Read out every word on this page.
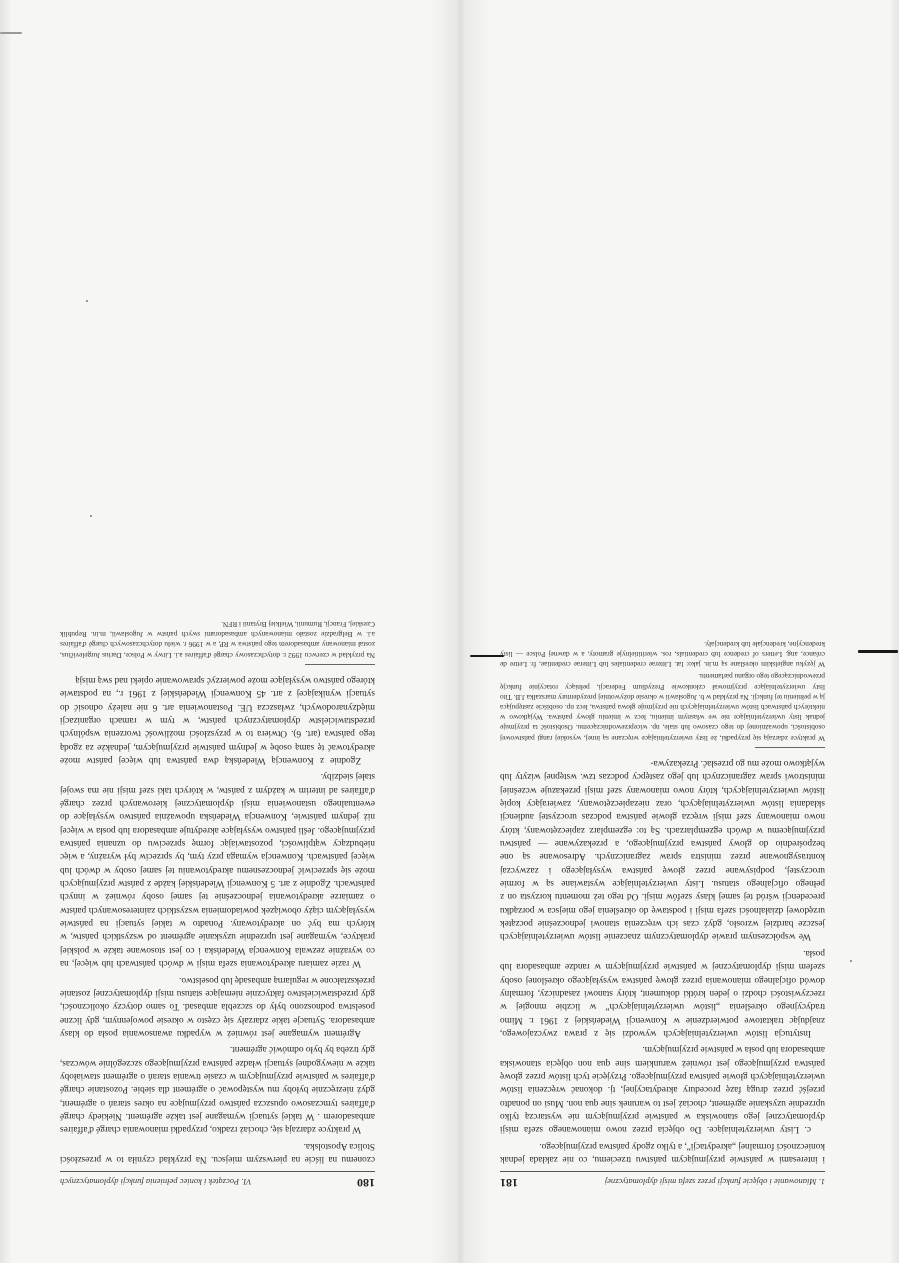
180
VI. Początek i koniec pełnienia funkcji dyplomatycznych

czonemu na liście na pierwszym miejscu. Na przykład czyniła to w przeszłości Stolica Apostolska.

W praktyce zdarzają się, chociaż rzadko, przypadki mianowania chargé d'affaires ambasadorem . W takiej sytuacji wymagane jest także agrément. Niekiedy chargé d'affaires tymczasowo opuszcza państwo przyjmujące na okres starań o agrément, gdyż niezręcznie byłoby mu występować o agrément dla siebie. Pozostanie chargé d'affaires w państwie przyjmującym w czasie trwania starań o agrément stawiałoby także w niewygodnej sytuacji władze państwa przyjmującego szczególnie wówczas, gdy trzeba by było odmówić agrément.

Agrément wymagane jest również w wypadku awansowania posła do klasy ambasadora. Sytuacje takie zdarzały się często w okresie powojennym, gdy liczne poselstwa podnoszono były do szczebla ambasad. To samo dotyczy okoliczności, gdy przedstawicielstwo faktycznie niemające statusu misji dyplomatycznej zostanie przekształcone w regularną ambasadę lub poselstwo.

W razie zamiaru akredytowania szefa misji w dwóch państwach lub więcej, na co wyraźnie zezwala Konwencja Wiedeńska i co jest stosowane także w polskiej praktyce, wymagane jest uprzednie uzyskanie agrément od wszystkich państw, w których ma być on akredytowany. Ponadto w takiej sytuacji na państwie wysyłającym ciąży obowiązek powiadomienia wszystkich zainteresowanych państw o zamiarze akredytowania jednocześnie tej samej osoby również w innych państwach. Zgodnie z art. 5 Konwencji Wiedeńskiej każde z państw przyjmujących może się sprzeciwić jednoczesnemu akredytowaniu tej samej osoby w dwóch lub więcej państwach. Konwencja wymaga przy tym, by sprzeciw był wyraźny, a więc niebudzący wątpliwości, pozostawiając formę sprzeciwu do uznania państwa przyjmującego. Jeśli państwo wysyłające akredytuje ambasadora lub posła w więcej niż jednym państwie, Konwencja Wiedeńska upoważnia państwo wysyłające do ewentualnego ustanowienia misji dyplomatycznej kierowanych przez chargé d'affaires ad interim w każdym z państw, w których taki szef misji nie ma swojej stałej siedziby.

Zgodnie z Konwencją Wiedeńską dwa państwa lub więcej państw może akredytować tę samą osobę w jednym państwie przyjmującym, jednakże za zgodą tego państwa (art. 6). Otwiera to w przyszłości możliwość tworzenia wspólnych przedstawicielstw dyplomatycznych państw, w tym w ramach organizacji międzynarodowych, zwłaszcza UE. Postanowienia art. 6 nie należy odnosić do sytuacji wynikającej z art. 45 Konwencji Wiedeńskiej z 1961 r., na podstawie którego państwo wysyłające może powierzyć sprawowanie opieki nad swą misją

Na przykład w czerwcu 1992 r. dotychczasowy chargé d'affaires a.i. Litwy w Polsce, Darius Jurgelevičius, został mianowany ambasadorem tego państwa w RP, a w 1996 r. wielu dotychczasowych chargé d'affaires a.i. w Belgradzie zostało mianowanych ambasadorami swych państw w Jugosławii, m.in. Republik Czeskiej, Francji, Rumunii, Wielkiej Brytanii i RFN.

1. Mianowanie i objęcie funkcji przez szefa misji dyplomatycznej
181

i interesami w państwie przyjmującym państwu trzeciemu, co nie zakłada jednak konieczności formalnej „akredytacji”, a tylko zgody państwa przyjmującego.

c. Listy uwierzytelniające. Do objęcia przez nowo mianowanego szefa misji dyplomatycznej jego stanowiska w państwie przyjmującym nie wystarczą tylko uprzednie uzyskanie agrément, chociaż jest to warunek sine qua non. Musi on ponadto przejść przez drugą fazę procedury akredytacyjnej, tj. dokonać wręczenia listów uwierzytelniających głowie państwa przyjmującego. Przyjęcie tych listów przez głowę państwa przyjmującego jest również warunkiem sine qua non objęcia stanowiska ambasadora lub posła w państwie przyjmującym.

Instytucja listów uwierzytelniających wywodzi się z prawa zwyczajowego, znajdując traktatowe potwierdzenie w Konwencji Wiedeńskiej z 1961 r. Mimo tradycyjnego określenia „listów uwierzytelniających” w liczbie mnogiej w rzeczywistości chodzi o jeden krótki dokument, który stanowi zasadniczy, formalny dowód oficjalnego mianowania przez głowę państwa wysyłającego określonej osoby szefem misji dyplomatycznej w państwie przyjmującym w randze ambasadora lub posła.

We współczesnym prawie dyplomatycznym znaczenie listów uwierzytelniających jeszcze bardziej wzrosło, gdyż czas ich wręczenia stanowi jednocześnie początek urzędowej działalności szefa misji i podstawę do określenia jego miejsca w porządku precedencji wśród tej samej klasy szefów misji. Od tego też momentu korzysta on z pełnego oficjalnego statusu. Listy uwierzytelniające wystawiane są w formie uroczystej, podpisywane przez głowę państwa wysyłającego i zazwyczaj kontrasygnowane przez ministra spraw zagranicznych. Adresowane są one bezpośrednio do głowy państwa przyjmującego, a przekazywane — państwu przyjmującemu w dwóch egzemplarzach. Są to: egzemplarz zapieczętowany, który nowo mianowany szef misji wręcza głowie państwa podczas uroczystej audiencji składania listów uwierzytelniających, oraz niezapieczętowany, zawierający kopię listów uwierzytelniających, który nowo mianowany szef misji przekazuje wcześniej ministrowi spraw zagranicznych lub jego zastępcy podczas tzw. wstępnej wizyty lub wyjątkowo może mu go przesłać. Przekazywa-

W praktyce zdarzają się przypadki, że listy uwierzytelniające wręczane są innej, wysokiej rangi państwowej osobistości, upoważnionej do tego czasowo lub stale, np. wiceprzewodniczącemu. Osobistość ta przyjmuje jednak listy uwierzytelniające nie we własnym imieniu, lecz w imieniu głowy państwa. Wyjątkowo w niektórych państwach listów uwierzytelniających nie przyjmuje głowa państwa, lecz np. osobiście zastępująca ją w pełnieniu tej funkcji. Na przykład w b. Jugosławii w okresie dożywotniej prezydentury marszałka J.B. Tito listy uwierzytelniające przyjmował członkowie Prezydium Federacji, pełniący rotacyjnie funkcję przewodniczącego tego organu parlamentu.

W języku angielskim określane są m.in. jako: lat. Litterae credentiales lub Litterae credentiae, fr. Lettre de créance, ang. Letters of credence lub credentials, ros. wierititielnyje gramoty, a w dawnej Polsce — listy kredencyjne, kredencjałe lub kredencjały.
